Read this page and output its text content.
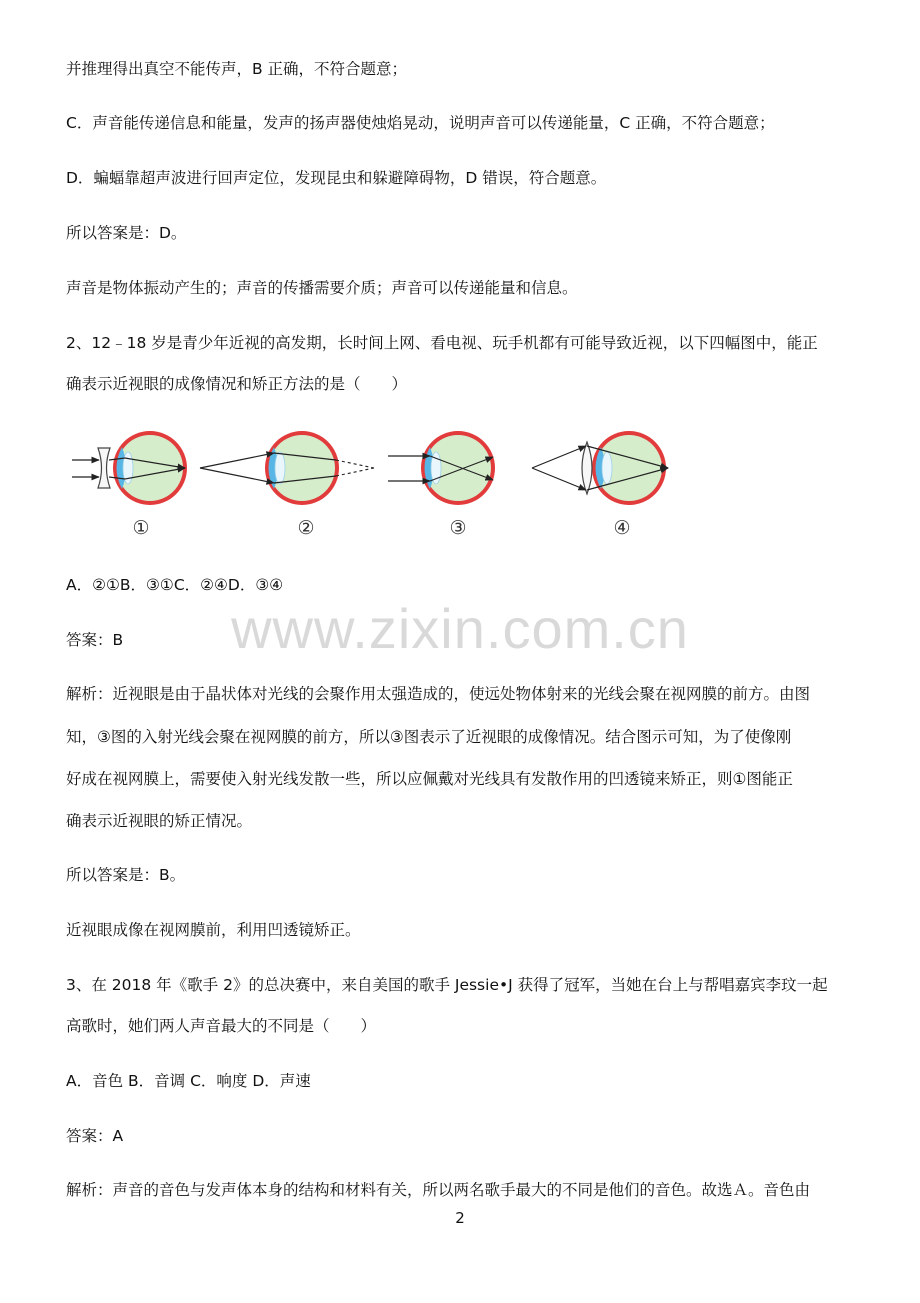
www.zixin.com.cn
并推理得出真空不能传声，B 正确，不符合题意；
C．声音能传递信息和能量，发声的扬声器使烛焰晃动，说明声音可以传递能量，C 正确，不符合题意；
D．蝙蝠靠超声波进行回声定位，发现昆虫和躲避障碍物，D 错误，符合题意。
所以答案是：D。
声音是物体振动产生的；声音的传播需要介质；声音可以传递能量和信息。
2、12﹣18 岁是青少年近视的高发期，长时间上网、看电视、玩手机都有可能导致近视，以下四幅图中，能正
确表示近视眼的成像情况和矫正方法的是（　　）
①	②	③	④
A．②①B．③①C．②④D．③④
答案：B
解析：近视眼是由于晶状体对光线的会聚作用太强造成的，使远处物体射来的光线会聚在视网膜的前方。由图
知，③图的入射光线会聚在视网膜的前方，所以③图表示了近视眼的成像情况。结合图示可知，为了使像刚
好成在视网膜上，需要使入射光线发散一些，所以应佩戴对光线具有发散作用的凹透镜来矫正，则①图能正
确表示近视眼的矫正情况。
所以答案是：B。
近视眼成像在视网膜前，利用凹透镜矫正。
3、在 2018 年《歌手 2》的总决赛中，来自美国的歌手 Jessie•J 获得了冠军，当她在台上与帮唱嘉宾李玟一起
高歌时，她们两人声音最大的不同是（　　）
A．音色 B．音调 C．响度 D．声速
答案：A
解析：声音的音色与发声体本身的结构和材料有关，所以两名歌手最大的不同是他们的音色。故选Ａ。音色由
2
